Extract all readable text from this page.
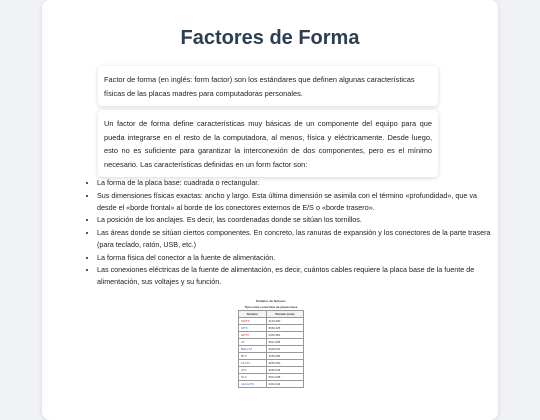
Factores de Forma
Factor de forma (en inglés: form factor) son los estándares que definen algunas características físicas de las placas madres para computadoras personales.
Un factor de forma define características muy básicas de un componente del equipo para que pueda integrarse en el resto de la computadora, al menos, física y eléctricamente. Desde luego, esto no es suficiente para garantizar la interconexión de dos componentes, pero es el mínimo necesario. Las características definidas en un form factor son:
• La forma de la placa base: cuadrada o rectangular.
• Sus dimensiones físicas exactas: ancho y largo. Esta última dimensión se asimila con el término «profundidad», que va desde el «borde frontal» al borde de los conectores externos de E/S o «borde trasero».
• La posición de los anclajes. Es decir, las coordenadas donde se sitúan los tornillos.
• Las áreas donde se sitúan ciertos componentes. En concreto, las ranuras de expansión y los conectores de la parte trasera (para teclado, ratón, USB, etc.)
• La forma física del conector a la fuente de alimentación.
• Las conexiones eléctricas de la fuente de alimentación, es decir, cuántos cables requiere la placa base de la fuente de alimentación, sus voltajes y su función.
Tamaños de factores.
Tipos más conocidos de placas base
Nombre	Tamaño (mm)
SWTX	419×330
WTX	356×425
HPTX	345×381
AT	351×305
Baby AT	330×216
BTX	325×266
FLATX	305×330
ATX	305×244
NLX	254×228
microATX	244×244
